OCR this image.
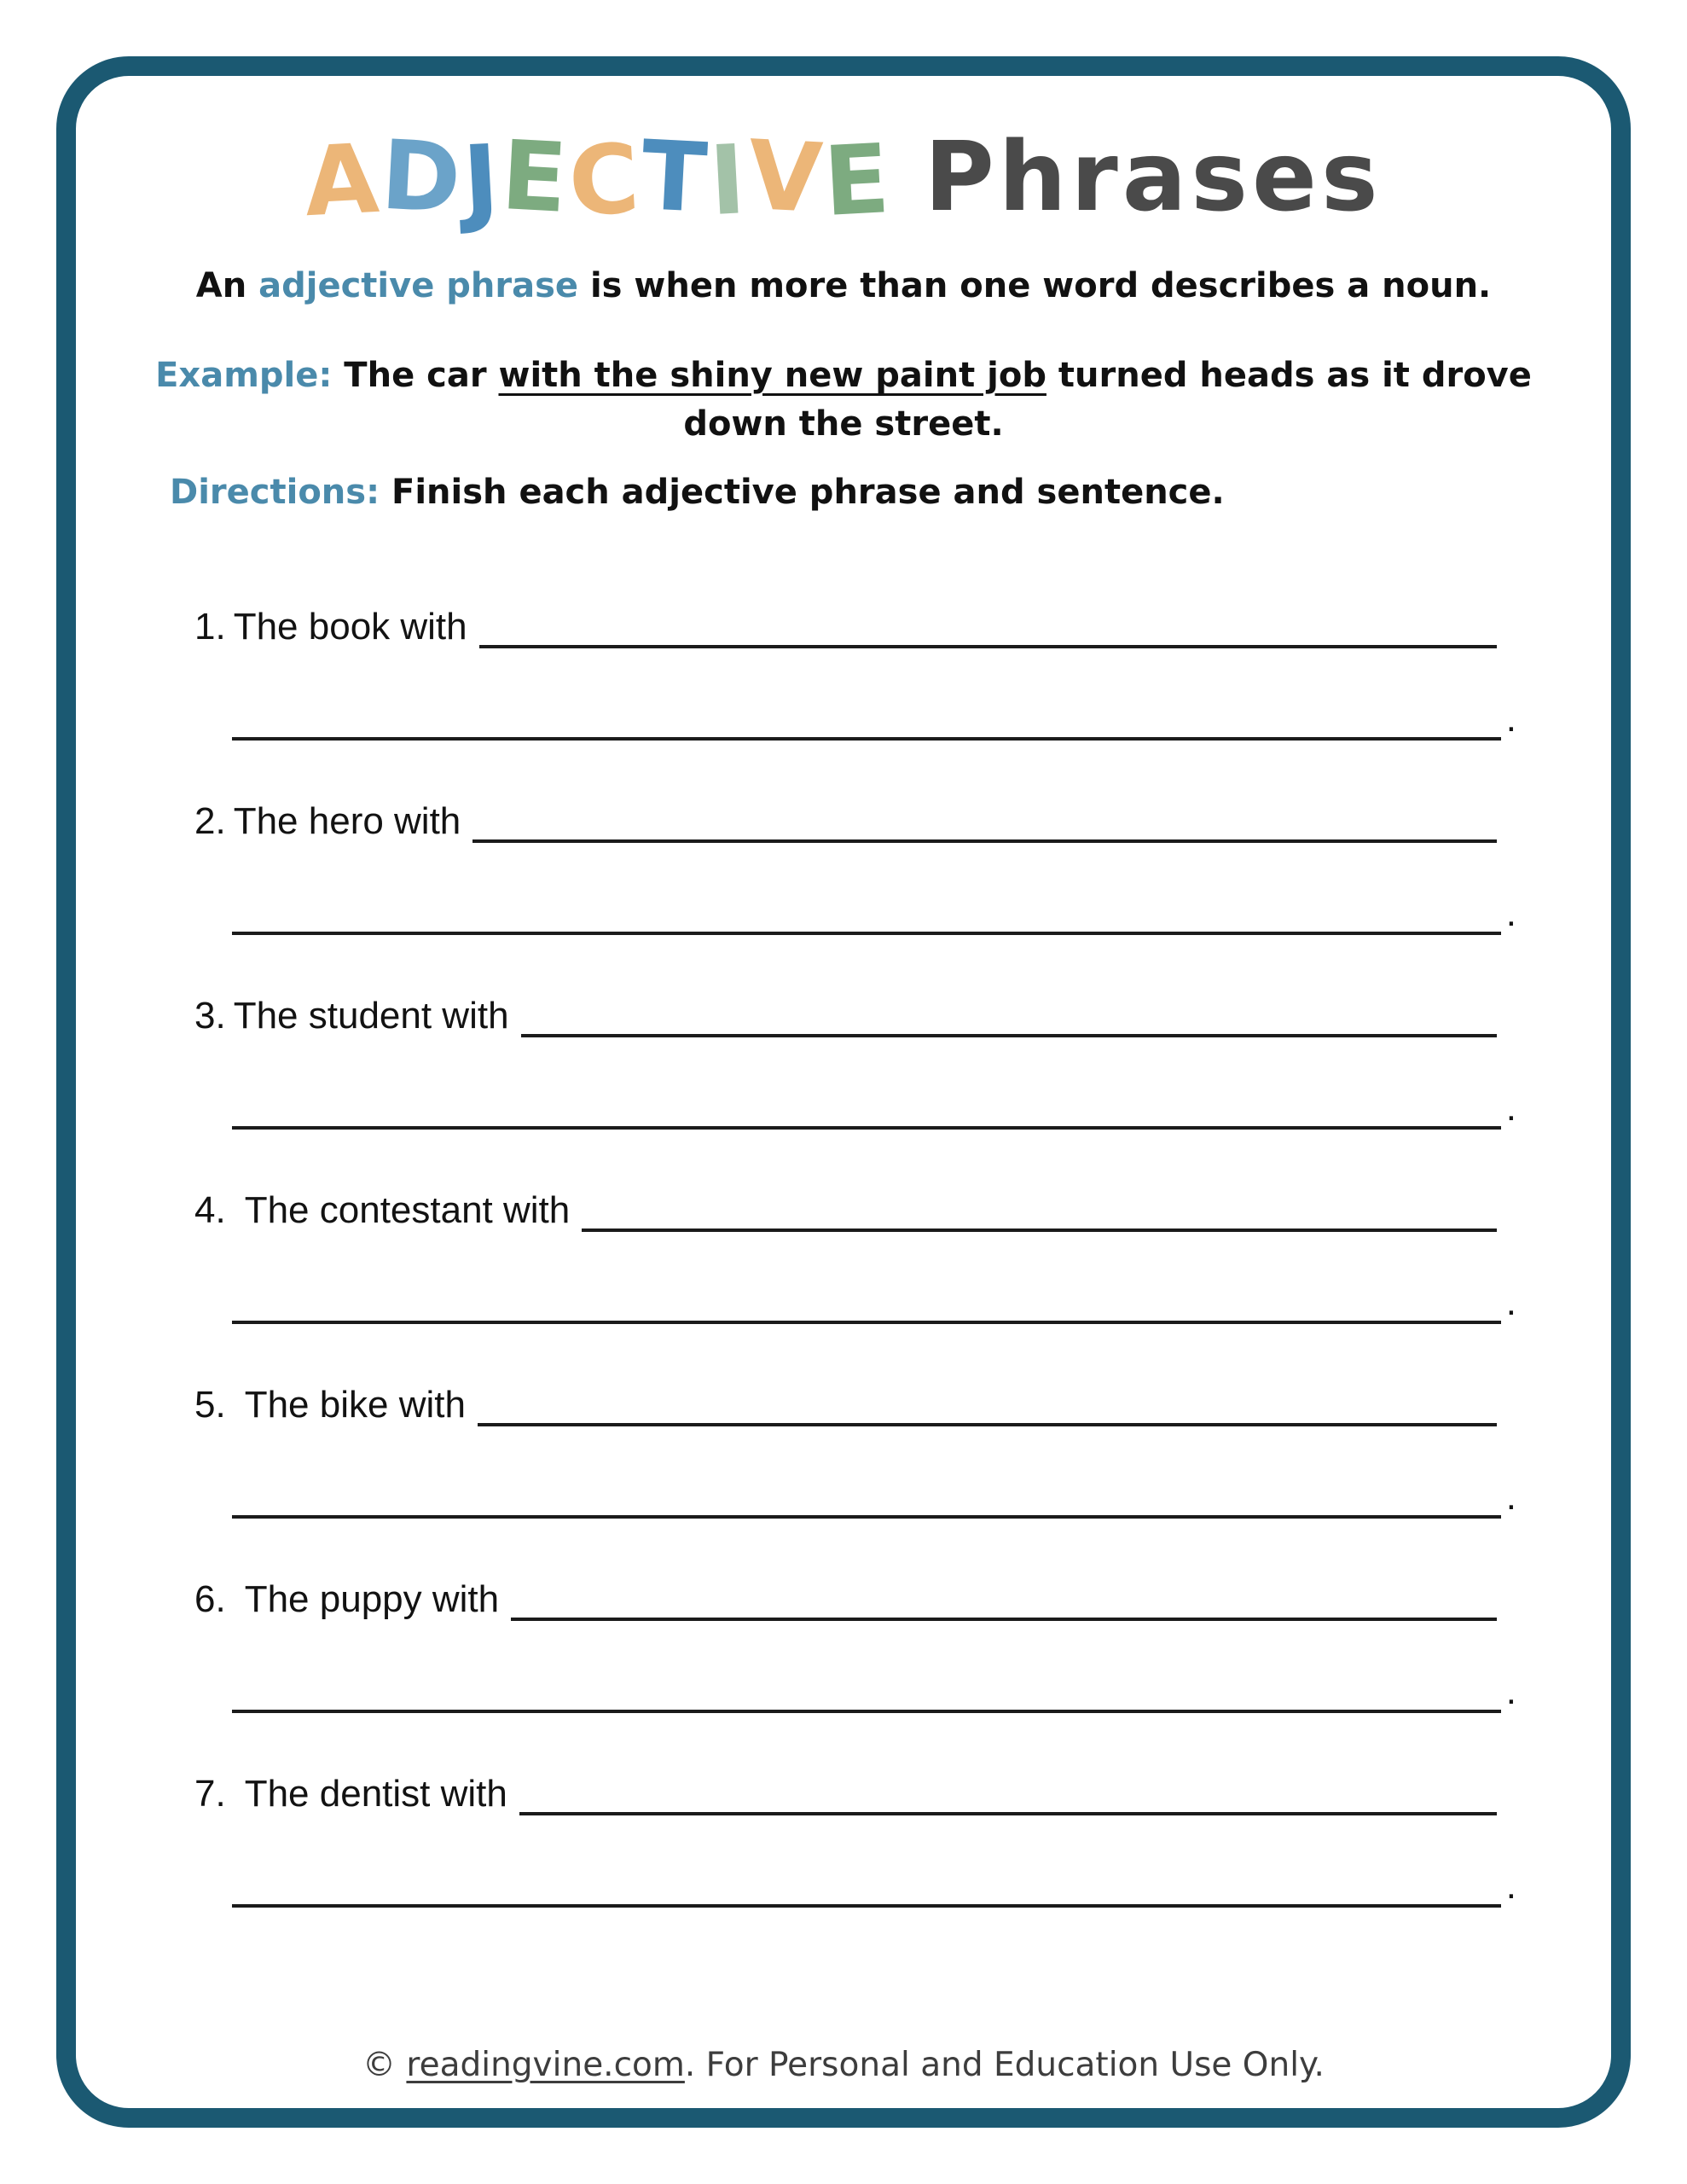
ADJECTIVE Phrases
An adjective phrase is when more than one word describes a noun.
Example: The car with the shiny new paint job turned heads as it drove
down the street.
Directions: Finish each adjective phrase and sentence.
1. The book with
.
2. The hero with
.
3. The student with
.
4. The contestant with
.
5. The bike with
.
6. The puppy with
.
7. The dentist with
.
© readingvine.com. For Personal and Education Use Only.
